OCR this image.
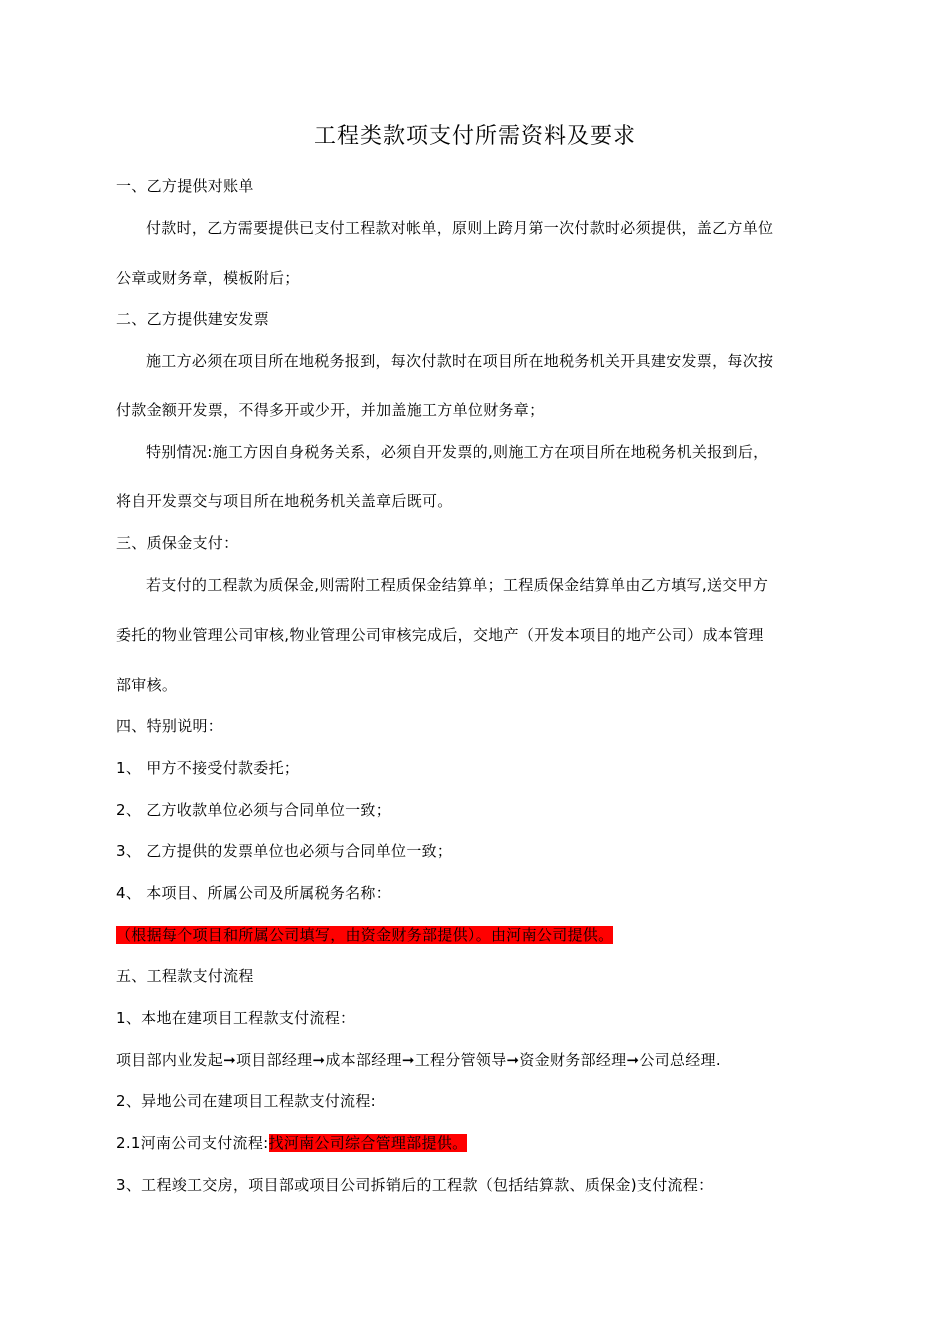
工程类款项支付所需资料及要求
一、乙方提供对账单
付款时，乙方需要提供已支付工程款对帐单，原则上跨月第一次付款时必须提供，盖乙方单位
公章或财务章，模板附后；
二、乙方提供建安发票
施工方必须在项目所在地税务报到，每次付款时在项目所在地税务机关开具建安发票，每次按
付款金额开发票，不得多开或少开，并加盖施工方单位财务章；
特别情况:施工方因自身税务关系，必须自开发票的,则施工方在项目所在地税务机关报到后，
将自开发票交与项目所在地税务机关盖章后既可。
三、质保金支付：
若支付的工程款为质保金,则需附工程质保金结算单；工程质保金结算单由乙方填写,送交甲方
委托的物业管理公司审核,物业管理公司审核完成后，交地产（开发本项目的地产公司）成本管理
部审核。
四、特别说明：
1、 甲方不接受付款委托；
2、 乙方收款单位必须与合同单位一致；
3、 乙方提供的发票单位也必须与合同单位一致；
4、 本项目、所属公司及所属税务名称：
（根据每个项目和所属公司填写，由资金财务部提供）。由河南公司提供。
五、工程款支付流程
1、本地在建项目工程款支付流程：
项目部内业发起➞项目部经理➞成本部经理➞工程分管领导➞资金财务部经理➞公司总经理.
2、异地公司在建项目工程款支付流程:
2.1河南公司支付流程:找河南公司综合管理部提供。
3、工程竣工交房，项目部或项目公司拆销后的工程款（包括结算款、质保金)支付流程：
